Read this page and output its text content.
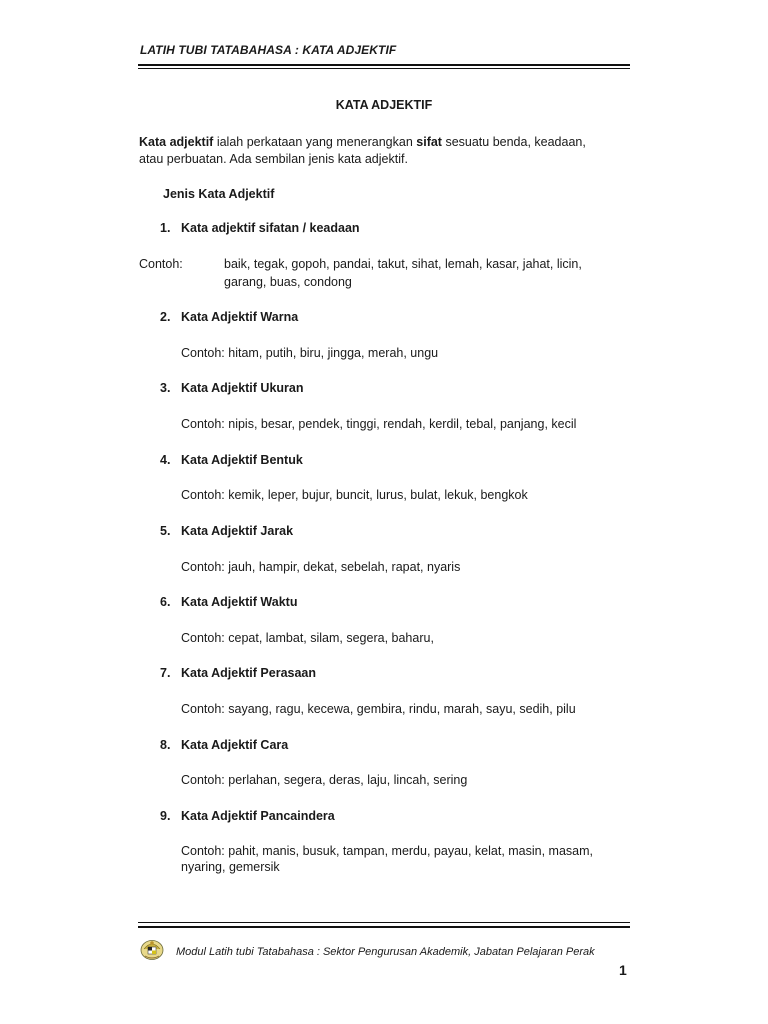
LATIH TUBI TATABAHASA : KATA ADJEKTIF
KATA ADJEKTIF
Kata adjektif ialah perkataan yang menerangkan sifat sesuatu benda, keadaan,
atau perbuatan. Ada sembilan jenis kata adjektif.
Jenis Kata Adjektif
1. Kata adjektif sifatan / keadaan
Contoh:	baik, tegak, gopoh, pandai, takut, sihat, lemah, kasar, jahat, licin,
garang, buas, condong
2. Kata Adjektif Warna
Contoh: hitam, putih, biru, jingga, merah, ungu
3. Kata Adjektif Ukuran
Contoh: nipis, besar, pendek, tinggi, rendah, kerdil, tebal, panjang, kecil
4. Kata Adjektif Bentuk
Contoh: kemik, leper, bujur, buncit, lurus, bulat, lekuk, bengkok
5. Kata Adjektif Jarak
Contoh: jauh, hampir, dekat, sebelah, rapat, nyaris
6. Kata Adjektif Waktu
Contoh: cepat, lambat, silam, segera, baharu,
7. Kata Adjektif Perasaan
Contoh: sayang, ragu, kecewa, gembira, rindu, marah, sayu, sedih, pilu
8. Kata Adjektif Cara
Contoh: perlahan, segera, deras, laju, lincah, sering
9. Kata Adjektif Pancaindera
Contoh: pahit, manis, busuk, tampan, merdu, payau, kelat, masin, masam,
nyaring, gemersik
Modul Latih tubi Tatabahasa : Sektor Pengurusan Akademik, Jabatan Pelajaran Perak
1
